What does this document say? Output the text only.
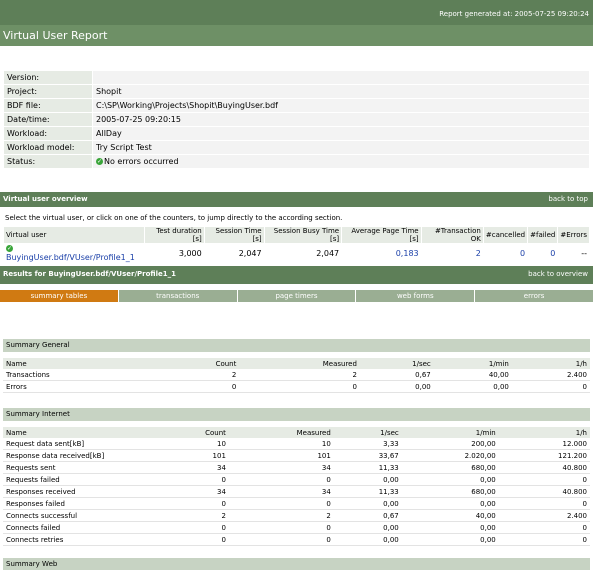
Report generated at: 2005-07-25 09:20:24
Virtual User Report
Version:	
Project:	Shopit
BDF file:	C:\SP\Working\Projects\Shopit\BuyingUser.bdf
Date/time:	2005-07-25 09:20:15
Workload:	AllDay
Workload model:	Try Script Test
Status:	✓ No errors occurred
Virtual user overview	back to top
Select the virtual user, or click on one of the counters, to jump directly to the according section.
Virtual user	Test duration [s]	Session Time [s]	Session Busy Time [s]	Average Page Time [s]	#Transaction OK	#cancelled	#failed	#Errors
✓BuyingUser.bdf/VUser/Profile1_1	3,000	2,047	2,047	0,183	2	0	0	--
Results for BuyingUser.bdf/VUser/Profile1_1	back to overview
summary tables	transactions	page timers	web forms	errors
Summary General
Name	Count	Measured	1/sec	1/min	1/h
Transactions	2	2	0,67	40,00	2.400
Errors	0	0	0,00	0,00	0
Summary Internet
Name	Count	Measured	1/sec	1/min	1/h
Request data sent[kB]	10	10	3,33	200,00	12.000
Response data received[kB]	101	101	33,67	2.020,00	121.200
Requests sent	34	34	11,33	680,00	40.800
Requests failed	0	0	0,00	0,00	0
Responses received	34	34	11,33	680,00	40.800
Responses failed	0	0	0,00	0,00	0
Connects successful	2	2	0,67	40,00	2.400
Connects failed	0	0	0,00	0,00	0
Connects retries	0	0	0,00	0,00	0
Summary Web
